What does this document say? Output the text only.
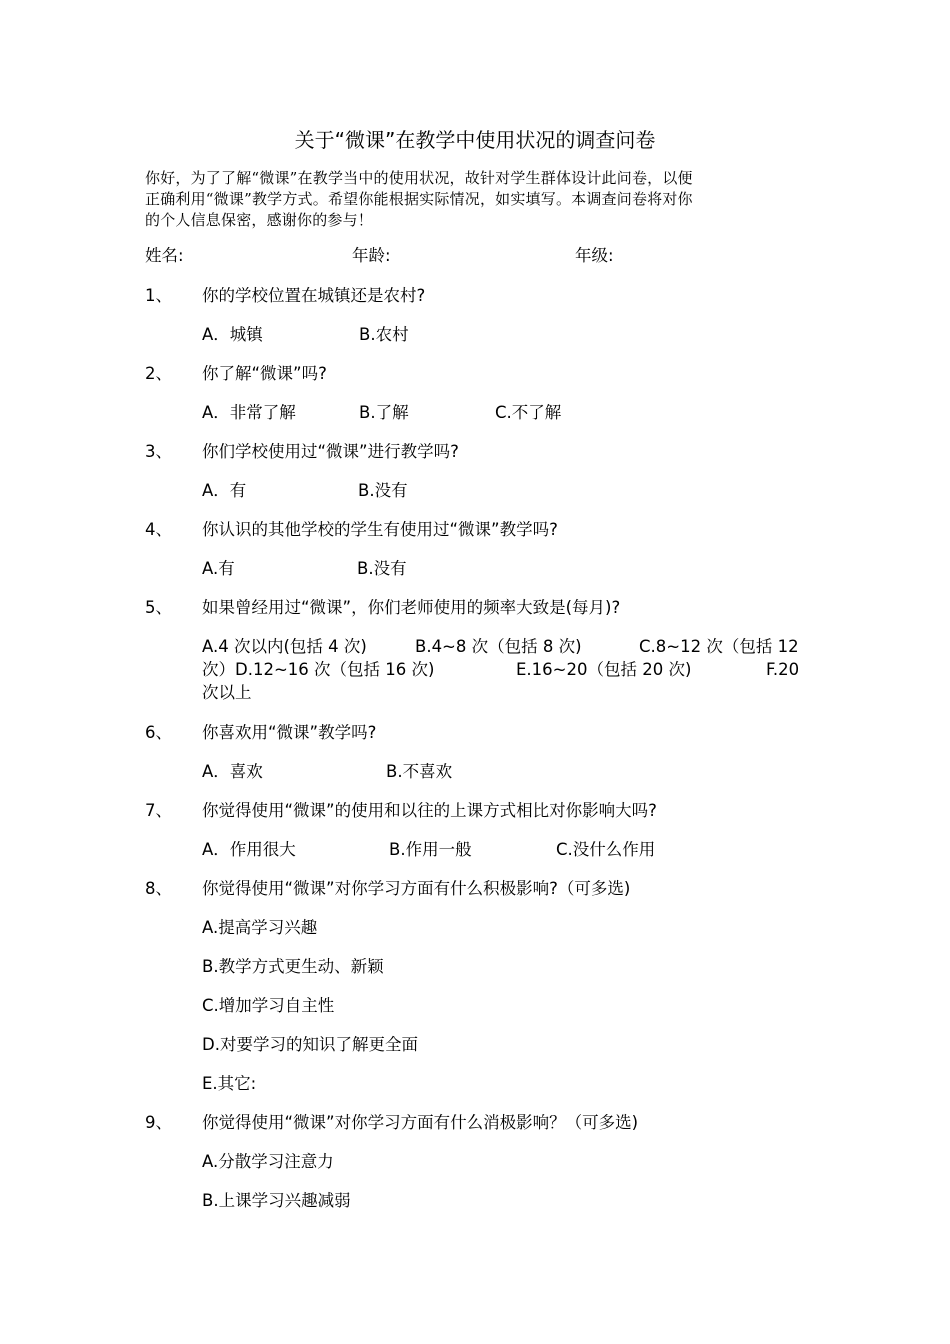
关于“微课”在教学中使用状况的调查问卷
你好，为了了解“微课”在教学当中的使用状况，故针对学生群体设计此问卷，以便
正确利用“微课”教学方式。希望你能根据实际情况，如实填写。本调查问卷将对你
的个人信息保密，感谢你的参与！
姓名:	年龄:	年级:
1、 你的学校位置在城镇还是农村?
A．城镇	B.农村
2、 你了解“微课”吗?
A．非常了解	B.了解	C.不了解
3、 你们学校使用过“微课”进行教学吗?
A．有	B.没有
4、 你认识的其他学校的学生有使用过“微课”教学吗?
A.有	B.没有
5、 如果曾经用过“微课”，你们老师使用的频率大致是(每月)?
A.4 次以内(包括 4 次)	B.4~8 次（包括 8 次)	C.8~12 次（包括 12
次）D.12~16 次（包括 16 次)	E.16~20（包括 20 次)	F.20
次以上
6、 你喜欢用“微课”教学吗?
A．喜欢	B.不喜欢
7、 你觉得使用“微课”的使用和以往的上课方式相比对你影响大吗?
A．作用很大	B.作用一般	C.没什么作用
8、 你觉得使用“微课”对你学习方面有什么积极影响?（可多选)
A.提高学习兴趣
B.教学方式更生动、新颖
C.增加学习自主性
D.对要学习的知识了解更全面
E.其它:
9、 你觉得使用“微课”对你学习方面有什么消极影响？（可多选)
A.分散学习注意力
B.上课学习兴趣减弱
